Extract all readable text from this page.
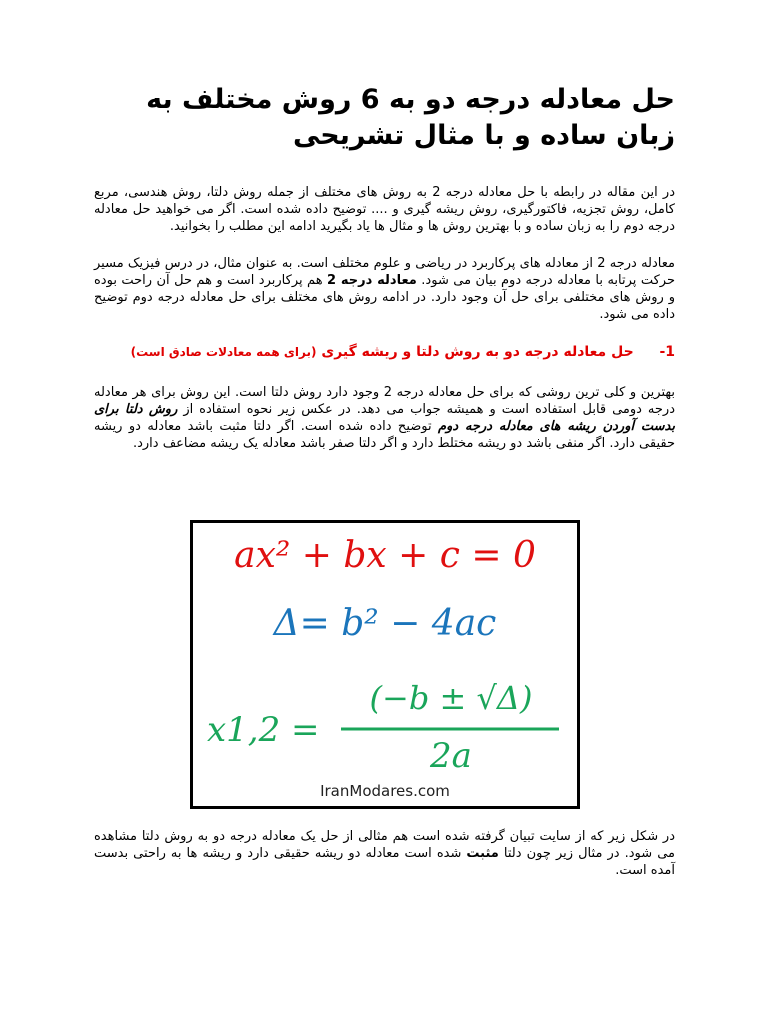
حل معادله درجه دو به 6 روش مختلف به زبان ساده و با مثال تشریحی

در این مقاله در رابطه با حل معادله درجه 2 به روش های مختلف از جمله روش دلتا، روش هندسی، مربع کامل، روش تجزیه، فاکتورگیری، روش ریشه گیری و .... توضیح داده شده است. اگر می خواهید حل معادله درجه دوم را به زبان ساده و با بهترین روش ها و مثال ها یاد بگیرید ادامه این مطلب را بخوانید.

معادله درجه 2 از معادله های پرکاربرد در ریاضی و علوم مختلف است. به عنوان مثال، در درس فیزیک مسیر حرکت پرتابه با معادله درجه دوم بیان می شود. معادله درجه 2 هم پرکاربرد است و هم حل آن راحت بوده و روش های مختلفی برای حل آن وجود دارد. در ادامه روش های مختلف برای حل معادله درجه دوم توضیح داده می شود.

1-  حل معادله درجه دو به روش دلتا و ریشه گیری (برای همه معادلات صادق است)

بهترین و کلی ترین روشی که برای حل معادله درجه 2 وجود دارد روش دلتا است. این روش برای هر معادله درجه دومی قابل استفاده است و همیشه جواب می دهد. در عکس زیر نحوه استفاده از روش دلتا برای بدست آوردن ریشه های معادله درجه دوم توضیح داده شده است. اگر دلتا مثبت باشد معادله دو ریشه حقیقی دارد. اگر منفی باشد دو ریشه مختلط دارد و اگر دلتا صفر باشد معادله یک ریشه مضاعف دارد.

ax² + bx + c = 0
Δ= b² − 4ac
x1,2 =
(−b ± √Δ)
2a
IranModares.com

در شکل زیر که از سایت تبیان گرفته شده است هم مثالی از حل یک معادله درجه دو به روش دلتا مشاهده می شود. در مثال زیر چون دلتا مثبت شده است معادله دو ریشه حقیقی دارد و ریشه ها به راحتی بدست آمده است.
